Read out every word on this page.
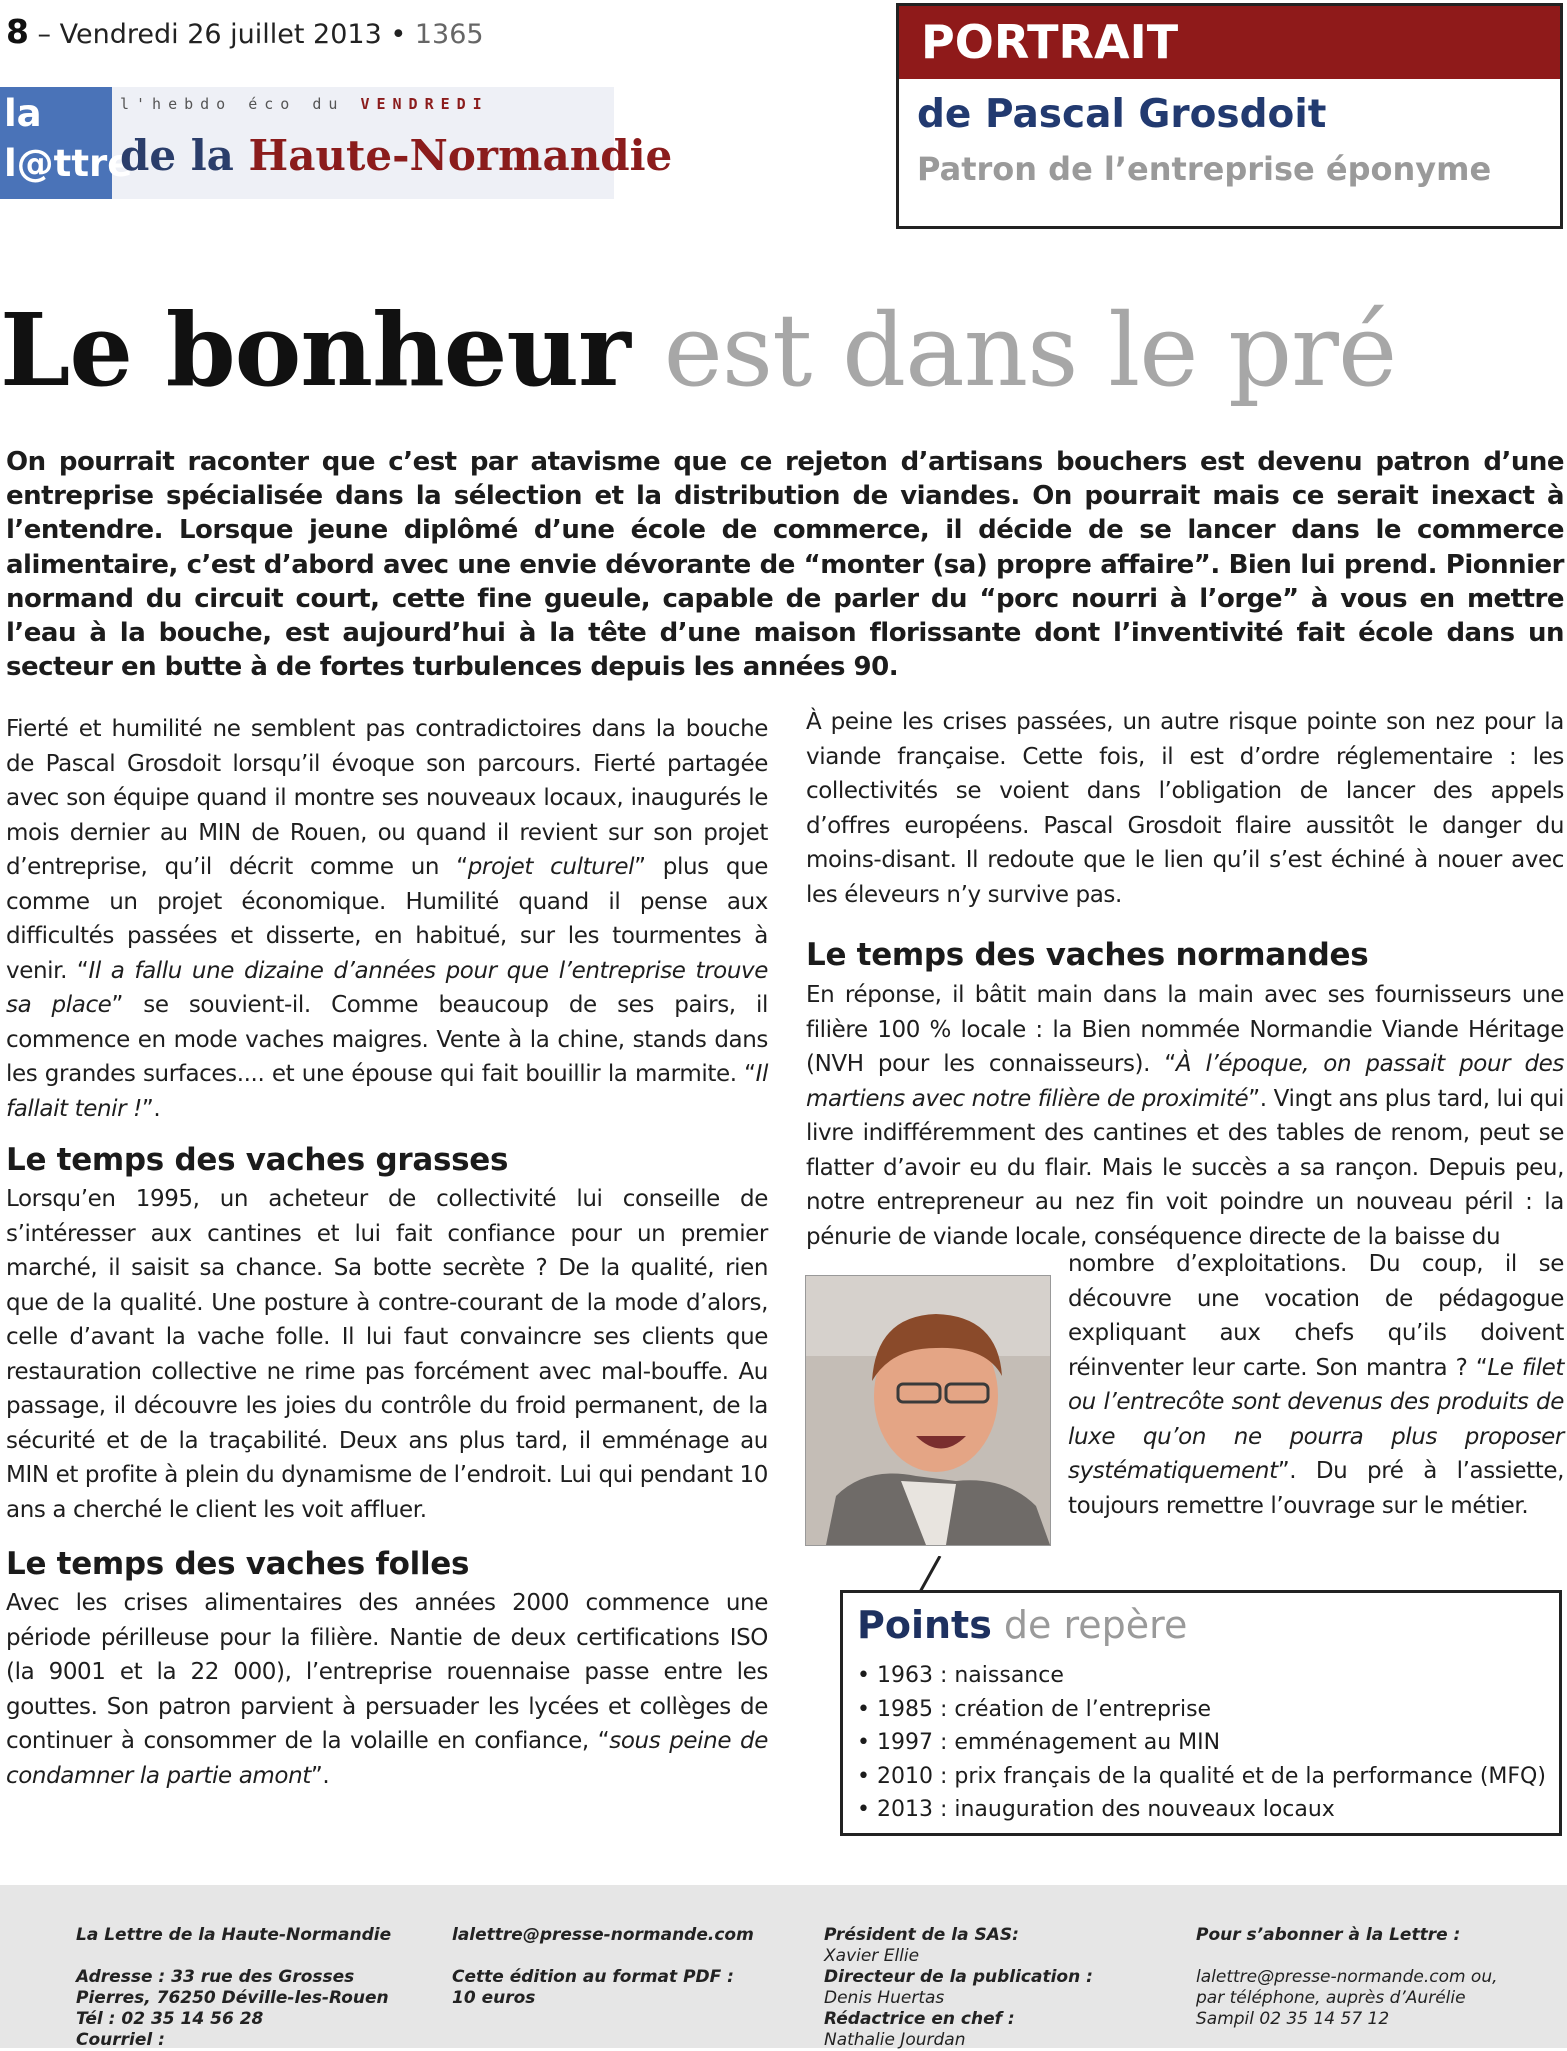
8 – Vendredi 26 juillet 2013 • 1365
la
l@ttre
l'hebdo éco du VENDREDI
de la Haute-Normandie
PORTRAIT
de Pascal Grosdoit
Patron de l’entreprise éponyme
Le bonheur est dans le pré
On pourrait raconter que c’est par atavisme que ce rejeton d’artisans bouchers est devenu patron d’une entreprise spécialisée dans la sélection et la distribution de viandes. On pourrait mais ce serait inexact à l’entendre. Lorsque jeune diplômé d’une école de commerce, il décide de se lancer dans le commerce alimentaire, c’est d’abord avec une envie dévorante de “monter (sa) propre affaire”. Bien lui prend. Pionnier normand du circuit court, cette fine gueule, capable de parler du “porc nourri à l’orge” à vous en mettre l’eau à la bouche, est aujourd’hui à la tête d’une maison florissante dont l’inventivité fait école dans un secteur en butte à de fortes turbulences depuis les années 90.
Fierté et humilité ne semblent pas contradictoires dans la bouche de Pascal Grosdoit lorsqu’il évoque son parcours. Fierté partagée avec son équipe quand il montre ses nouveaux locaux, inaugurés le mois dernier au MIN de Rouen, ou quand il revient sur son projet d’entreprise, qu’il décrit comme un “projet culturel” plus que comme un projet économique. Humilité quand il pense aux difficultés passées et disserte, en habitué, sur les tourmentes à venir. “Il a fallu une dizaine d’années pour que l’entreprise trouve sa place” se souvient-il. Comme beaucoup de ses pairs, il commence en mode vaches maigres. Vente à la chine, stands dans les grandes surfaces.... et une épouse qui fait bouillir la marmite. “Il fallait tenir !”.
Le temps des vaches grasses
Lorsqu’en 1995, un acheteur de collectivité lui conseille de s’intéresser aux cantines et lui fait confiance pour un premier marché, il saisit sa chance. Sa botte secrète ? De la qualité, rien que de la qualité. Une posture à contre-courant de la mode d’alors, celle d’avant la vache folle. Il lui faut convaincre ses clients que restauration collective ne rime pas forcément avec mal-bouffe. Au passage, il découvre les joies du contrôle du froid permanent, de la sécurité et de la traçabilité. Deux ans plus tard, il emménage au MIN et profite à plein du dynamisme de l’endroit. Lui qui pendant 10 ans a cherché le client les voit affluer.
Le temps des vaches folles
Avec les crises alimentaires des années 2000 commence une période périlleuse pour la filière. Nantie de deux certifications ISO (la 9001 et la 22 000), l’entreprise rouennaise passe entre les gouttes. Son patron parvient à persuader les lycées et collèges de continuer à consommer de la volaille en confiance, “sous peine de condamner la partie amont”.
À peine les crises passées, un autre risque pointe son nez pour la viande française. Cette fois, il est d’ordre réglementaire : les collectivités se voient dans l’obligation de lancer des appels d’offres européens. Pascal Grosdoit flaire aussitôt le danger du moins-disant. Il redoute que le lien qu’il s’est échiné à nouer avec les éleveurs n’y survive pas.
Le temps des vaches normandes
En réponse, il bâtit main dans la main avec ses fournisseurs une filière 100 % locale : la Bien nommée Normandie Viande Héritage (NVH pour les connaisseurs). “À l’époque, on passait pour des martiens avec notre filière de proximité”. Vingt ans plus tard, lui qui livre indifféremment des cantines et des tables de renom, peut se flatter d’avoir eu du flair. Mais le succès a sa rançon. Depuis peu, notre entrepreneur au nez fin voit poindre un nouveau péril : la pénurie de viande locale, conséquence directe de la baisse du
nombre d’exploitations. Du coup, il se découvre une vocation de pédagogue expliquant aux chefs qu’ils doivent réinventer leur carte. Son mantra ? “Le filet ou l’entrecôte sont devenus des produits de luxe qu’on ne pourra plus proposer systématiquement”. Du pré à l’assiette, toujours remettre l’ouvrage sur le métier.
Points de repère
• 1963 : naissance
• 1985 : création de l’entreprise
• 1997 : emménagement au MIN
• 2010 : prix français de la qualité et de la performance (MFQ)
• 2013 : inauguration des nouveaux locaux
La Lettre de la Haute-Normandie

Adresse : 33 rue des Grosses
Pierres, 76250 Déville-les-Rouen
Tél : 02 35 14 56 28
Courriel :
lalettre@presse-normande.com

Cette édition au format PDF :
10 euros
Président de la SAS:
Xavier Ellie
Directeur de la publication :
Denis Huertas
Rédactrice en chef :
Nathalie Jourdan
Pour s’abonner à la Lettre :

lalettre@presse-normande.com ou,
par téléphone, auprès d’Aurélie
Sampil 02 35 14 57 12
